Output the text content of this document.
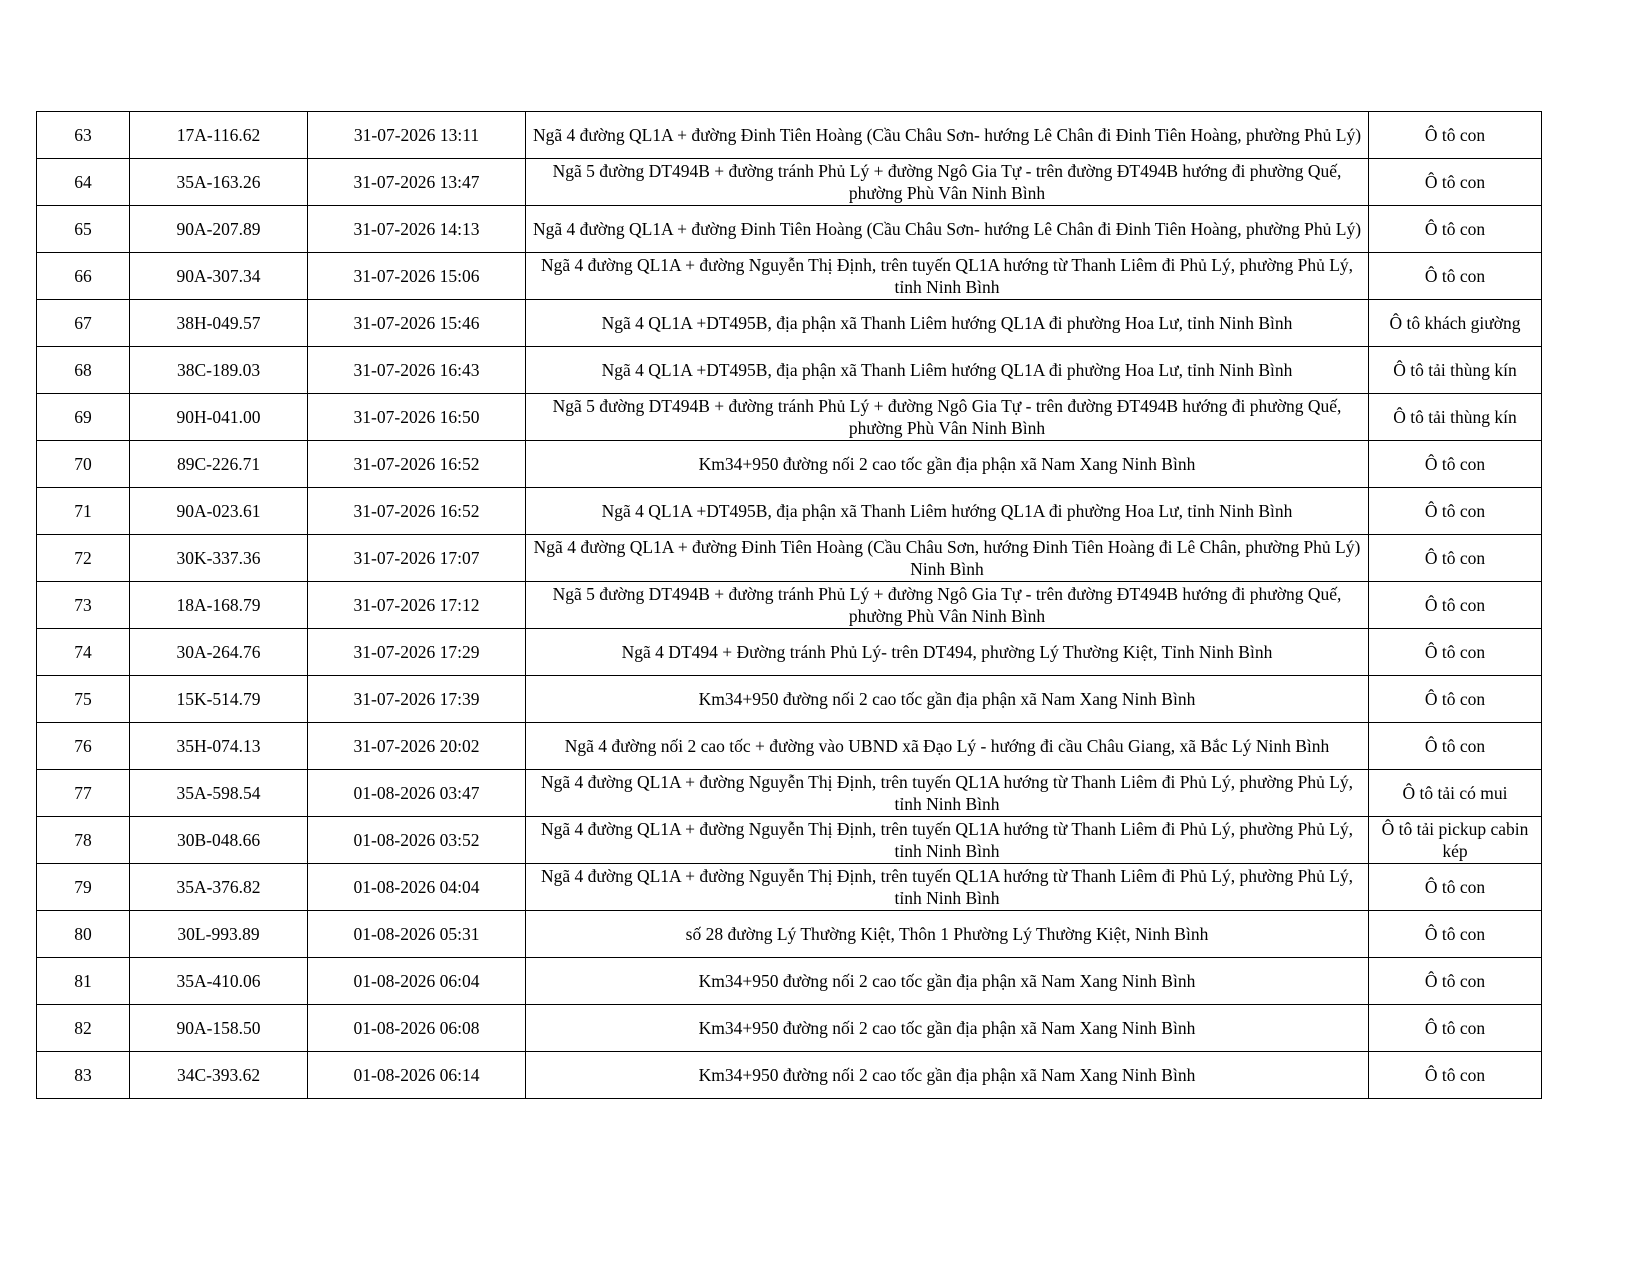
63	17A-116.62	31-07-2026 13:11	Ngã 4 đường QL1A + đường Đinh Tiên Hoàng (Cầu Châu Sơn- hướng Lê Chân đi Đinh Tiên Hoàng, phường Phủ Lý)	Ô tô con
64	35A-163.26	31-07-2026 13:47	Ngã 5 đường DT494B + đường tránh Phủ Lý + đường Ngô Gia Tự - trên đường ĐT494B hướng đi phường Quế, phường Phù Vân Ninh Bình	Ô tô con
65	90A-207.89	31-07-2026 14:13	Ngã 4 đường QL1A + đường Đinh Tiên Hoàng (Cầu Châu Sơn- hướng Lê Chân đi Đinh Tiên Hoàng, phường Phủ Lý)	Ô tô con
66	90A-307.34	31-07-2026 15:06	Ngã 4 đường QL1A + đường Nguyễn Thị Định, trên tuyến QL1A hướng từ Thanh Liêm đi Phủ Lý, phường Phủ Lý, tỉnh Ninh Bình	Ô tô con
67	38H-049.57	31-07-2026 15:46	Ngã 4 QL1A +DT495B, địa phận xã Thanh Liêm hướng QL1A đi phường Hoa Lư, tỉnh Ninh Bình	Ô tô khách giường
68	38C-189.03	31-07-2026 16:43	Ngã 4 QL1A +DT495B, địa phận xã Thanh Liêm hướng QL1A đi phường Hoa Lư, tỉnh Ninh Bình	Ô tô tải thùng kín
69	90H-041.00	31-07-2026 16:50	Ngã 5 đường DT494B + đường tránh Phủ Lý + đường Ngô Gia Tự - trên đường ĐT494B hướng đi phường Quế, phường Phù Vân Ninh Bình	Ô tô tải thùng kín
70	89C-226.71	31-07-2026 16:52	Km34+950 đường nối 2 cao tốc gần địa phận xã Nam Xang Ninh Bình	Ô tô con
71	90A-023.61	31-07-2026 16:52	Ngã 4 QL1A +DT495B, địa phận xã Thanh Liêm hướng QL1A đi phường Hoa Lư, tỉnh Ninh Bình	Ô tô con
72	30K-337.36	31-07-2026 17:07	Ngã 4 đường QL1A + đường Đinh Tiên Hoàng (Cầu Châu Sơn, hướng Đinh Tiên Hoàng đi Lê Chân, phường Phủ Lý) Ninh Bình	Ô tô con
73	18A-168.79	31-07-2026 17:12	Ngã 5 đường DT494B + đường tránh Phủ Lý + đường Ngô Gia Tự - trên đường ĐT494B hướng đi phường Quế, phường Phù Vân Ninh Bình	Ô tô con
74	30A-264.76	31-07-2026 17:29	Ngã 4 DT494 + Đường tránh Phủ Lý- trên DT494, phường Lý Thường Kiệt, Tỉnh Ninh Bình	Ô tô con
75	15K-514.79	31-07-2026 17:39	Km34+950 đường nối 2 cao tốc gần địa phận xã Nam Xang Ninh Bình	Ô tô con
76	35H-074.13	31-07-2026 20:02	Ngã 4 đường nối 2 cao tốc + đường vào UBND xã Đạo Lý - hướng đi cầu Châu Giang, xã Bắc Lý Ninh Bình	Ô tô con
77	35A-598.54	01-08-2026 03:47	Ngã 4 đường QL1A + đường Nguyễn Thị Định, trên tuyến QL1A hướng từ Thanh Liêm đi Phủ Lý, phường Phủ Lý, tỉnh Ninh Bình	Ô tô tải có mui
78	30B-048.66	01-08-2026 03:52	Ngã 4 đường QL1A + đường Nguyễn Thị Định, trên tuyến QL1A hướng từ Thanh Liêm đi Phủ Lý, phường Phủ Lý, tỉnh Ninh Bình	Ô tô tải pickup cabin kép
79	35A-376.82	01-08-2026 04:04	Ngã 4 đường QL1A + đường Nguyễn Thị Định, trên tuyến QL1A hướng từ Thanh Liêm đi Phủ Lý, phường Phủ Lý, tỉnh Ninh Bình	Ô tô con
80	30L-993.89	01-08-2026 05:31	số 28 đường Lý Thường Kiệt, Thôn 1 Phường Lý Thường Kiệt, Ninh Bình	Ô tô con
81	35A-410.06	01-08-2026 06:04	Km34+950 đường nối 2 cao tốc gần địa phận xã Nam Xang Ninh Bình	Ô tô con
82	90A-158.50	01-08-2026 06:08	Km34+950 đường nối 2 cao tốc gần địa phận xã Nam Xang Ninh Bình	Ô tô con
83	34C-393.62	01-08-2026 06:14	Km34+950 đường nối 2 cao tốc gần địa phận xã Nam Xang Ninh Bình	Ô tô con
